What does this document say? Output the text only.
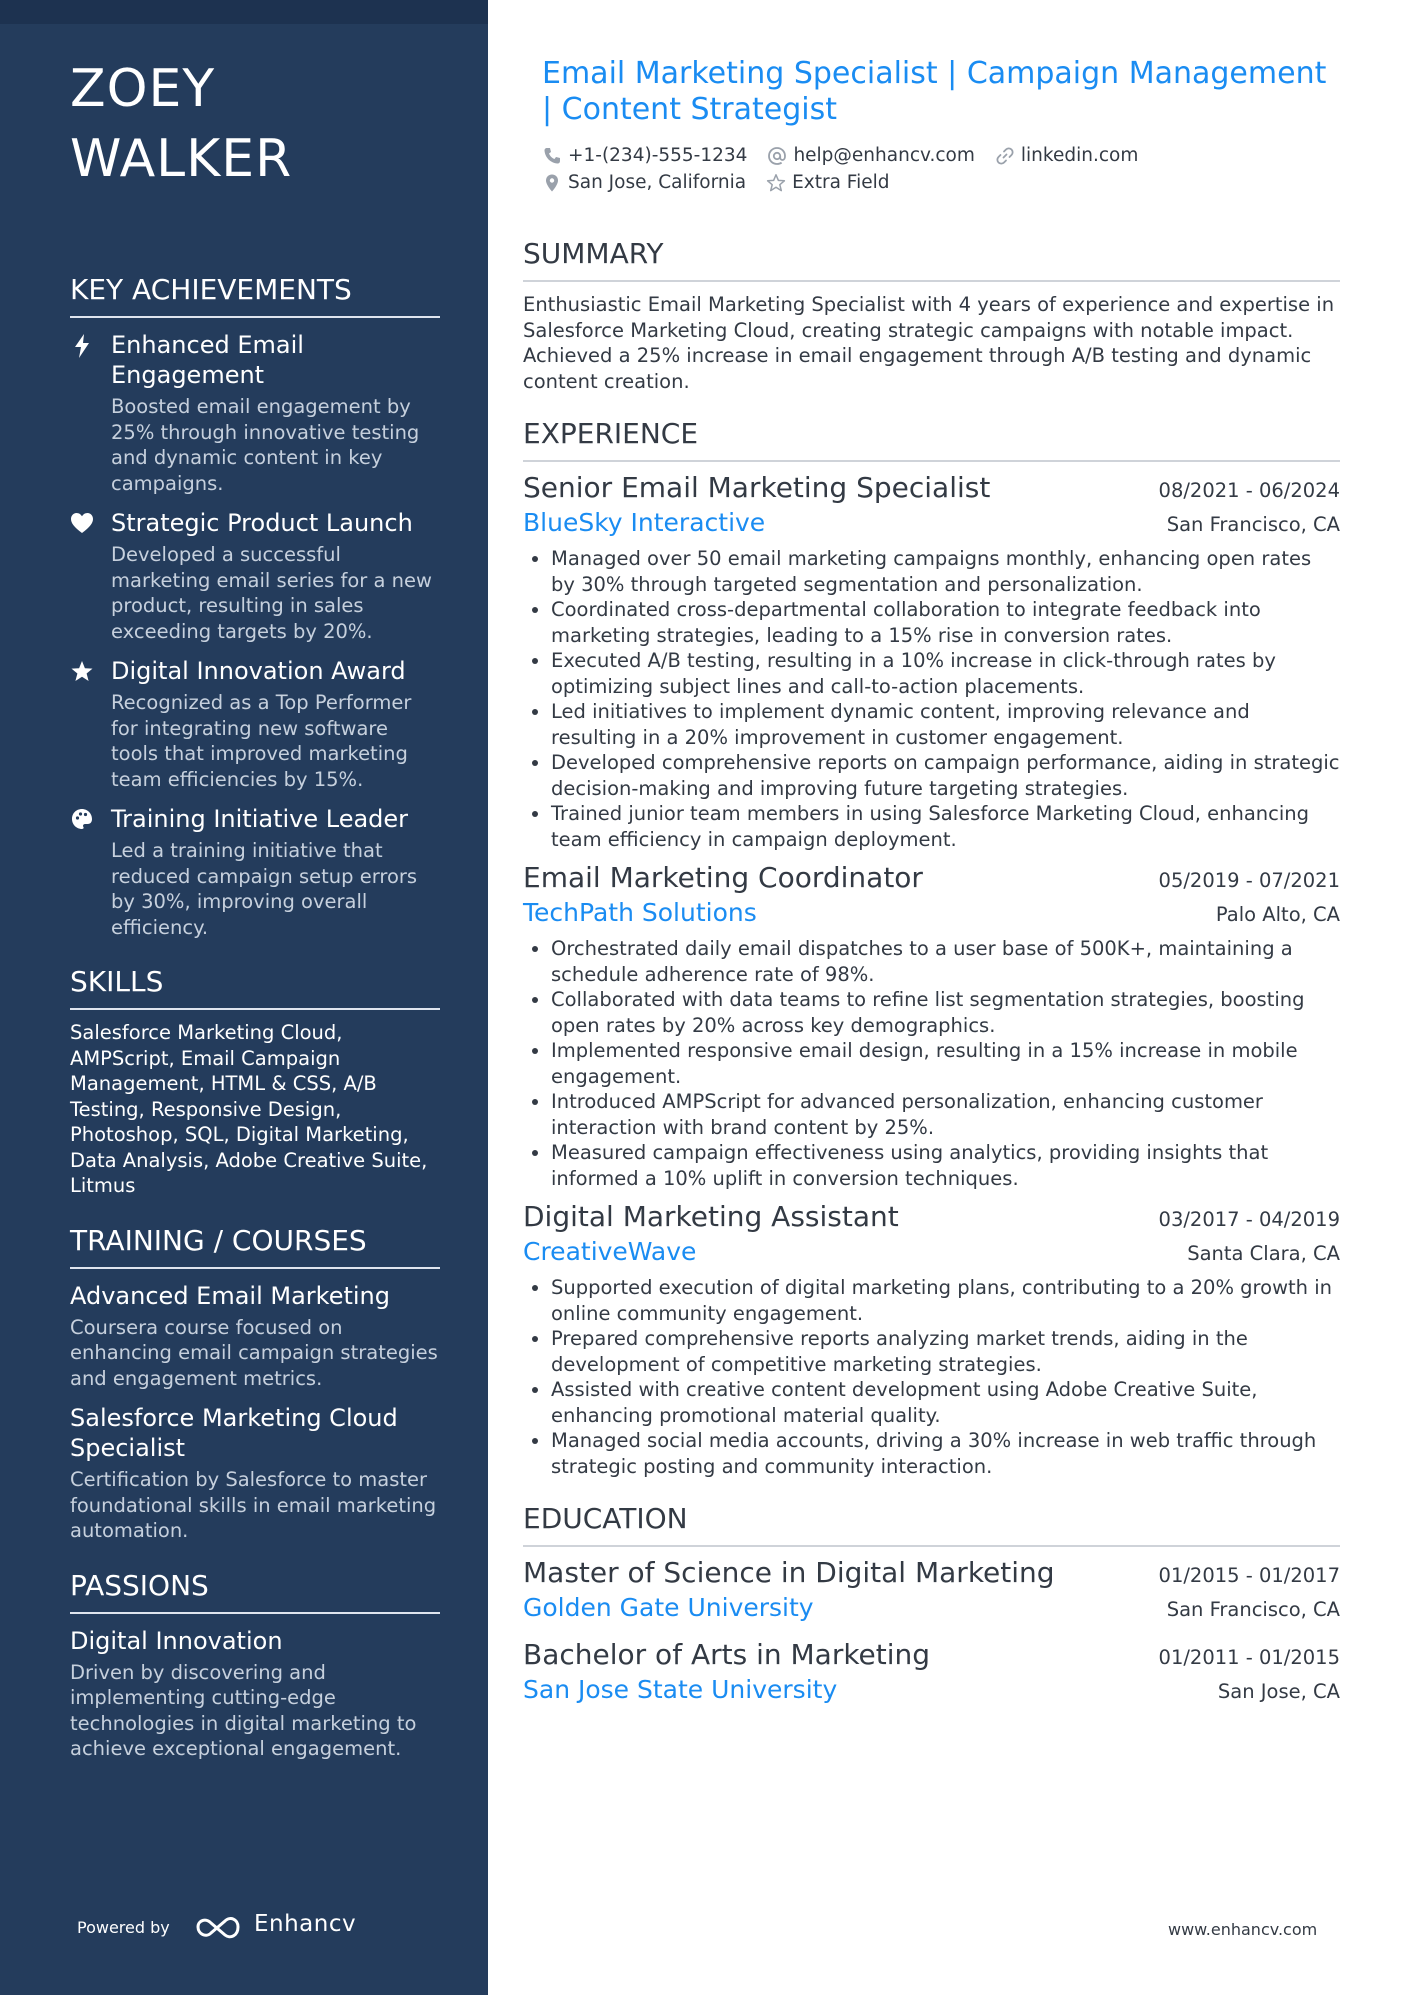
ZOEY WALKER
KEY ACHIEVEMENTS
Enhanced Email Engagement
Boosted email engagement by 25% through innovative testing and dynamic content in key campaigns.
Strategic Product Launch
Developed a successful marketing email series for a new product, resulting in sales exceeding targets by 20%.
Digital Innovation Award
Recognized as a Top Performer for integrating new software tools that improved marketing team efficiencies by 15%.
Training Initiative Leader
Led a training initiative that reduced campaign setup errors by 30%, improving overall efficiency.
SKILLS
Salesforce Marketing Cloud, AMPScript, Email Campaign Management, HTML & CSS, A/B Testing, Responsive Design, Photoshop, SQL, Digital Marketing, Data Analysis, Adobe Creative Suite, Litmus
TRAINING / COURSES
Advanced Email Marketing
Coursera course focused on enhancing email campaign strategies and engagement metrics.
Salesforce Marketing Cloud Specialist
Certification by Salesforce to master foundational skills in email marketing automation.
PASSIONS
Digital Innovation
Driven by discovering and implementing cutting-edge technologies in digital marketing to achieve exceptional engagement.
Powered by	Enhancv
Email Marketing Specialist | Campaign Management | Content Strategist
+1-(234)-555-1234 help@enhancv.com linkedin.com
San Jose, California Extra Field
SUMMARY
Enthusiastic Email Marketing Specialist with 4 years of experience and expertise in Salesforce Marketing Cloud, creating strategic campaigns with notable impact. Achieved a 25% increase in email engagement through A/B testing and dynamic content creation.
EXPERIENCE
Senior Email Marketing Specialist	08/2021 - 06/2024
BlueSky Interactive	San Francisco, CA
• Managed over 50 email marketing campaigns monthly, enhancing open rates by 30% through targeted segmentation and personalization.
• Coordinated cross-departmental collaboration to integrate feedback into marketing strategies, leading to a 15% rise in conversion rates.
• Executed A/B testing, resulting in a 10% increase in click-through rates by optimizing subject lines and call-to-action placements.
• Led initiatives to implement dynamic content, improving relevance and resulting in a 20% improvement in customer engagement.
• Developed comprehensive reports on campaign performance, aiding in strategic decision-making and improving future targeting strategies.
• Trained junior team members in using Salesforce Marketing Cloud, enhancing team efficiency in campaign deployment.
Email Marketing Coordinator	05/2019 - 07/2021
TechPath Solutions	Palo Alto, CA
• Orchestrated daily email dispatches to a user base of 500K+, maintaining a schedule adherence rate of 98%.
• Collaborated with data teams to refine list segmentation strategies, boosting open rates by 20% across key demographics.
• Implemented responsive email design, resulting in a 15% increase in mobile engagement.
• Introduced AMPScript for advanced personalization, enhancing customer interaction with brand content by 25%.
• Measured campaign effectiveness using analytics, providing insights that informed a 10% uplift in conversion techniques.
Digital Marketing Assistant	03/2017 - 04/2019
CreativeWave	Santa Clara, CA
• Supported execution of digital marketing plans, contributing to a 20% growth in online community engagement.
• Prepared comprehensive reports analyzing market trends, aiding in the development of competitive marketing strategies.
• Assisted with creative content development using Adobe Creative Suite, enhancing promotional material quality.
• Managed social media accounts, driving a 30% increase in web traffic through strategic posting and community interaction.
EDUCATION
Master of Science in Digital Marketing	01/2015 - 01/2017
Golden Gate University	San Francisco, CA
Bachelor of Arts in Marketing	01/2011 - 01/2015
San Jose State University	San Jose, CA
www.enhancv.com
